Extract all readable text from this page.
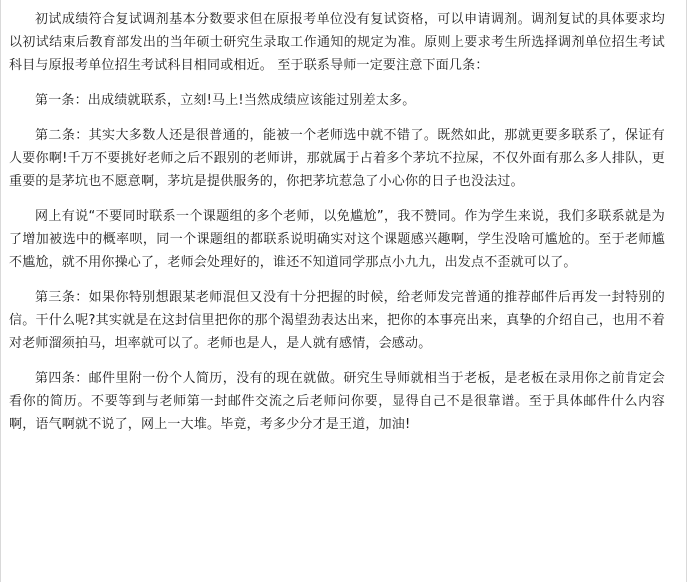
初试成绩符合复试调剂基本分数要求但在原报考单位没有复试资格，可以申请调剂。调剂复试的具体要求均以初试结束后教育部发出的当年硕士研究生录取工作通知的规定为准。原则上要求考生所选择调剂单位招生考试科目与原报考单位招生考试科目相同或相近。 至于联系导师一定要注意下面几条：

第一条：出成绩就联系，立刻!马上!当然成绩应该能过别差太多。

第二条：其实大多数人还是很普通的，能被一个老师选中就不错了。既然如此，那就更要多联系了，保证有人要你啊!千万不要挑好老师之后不跟别的老师讲，那就属于占着多个茅坑不拉屎，不仅外面有那么多人排队，更重要的是茅坑也不愿意啊，茅坑是提供服务的，你把茅坑惹急了小心你的日子也没法过。

网上有说“不要同时联系一个课题组的多个老师，以免尴尬”，我不赞同。作为学生来说，我们多联系就是为了增加被选中的概率呗，同一个课题组的都联系说明确实对这个课题感兴趣啊，学生没啥可尴尬的。至于老师尴不尴尬，就不用你操心了，老师会处理好的，谁还不知道同学那点小九九，出发点不歪就可以了。

第三条：如果你特别想跟某老师混但又没有十分把握的时候，给老师发完普通的推荐邮件后再发一封特别的信。干什么呢?其实就是在这封信里把你的那个渴望劲表达出来，把你的本事亮出来，真挚的介绍自己，也用不着对老师溜须拍马，坦率就可以了。老师也是人，是人就有感情，会感动。

第四条：邮件里附一份个人简历，没有的现在就做。研究生导师就相当于老板，是老板在录用你之前肯定会看你的简历。不要等到与老师第一封邮件交流之后老师问你要，显得自己不是很靠谱。至于具体邮件什么内容啊，语气啊就不说了，网上一大堆。毕竟，考多少分才是王道，加油!
